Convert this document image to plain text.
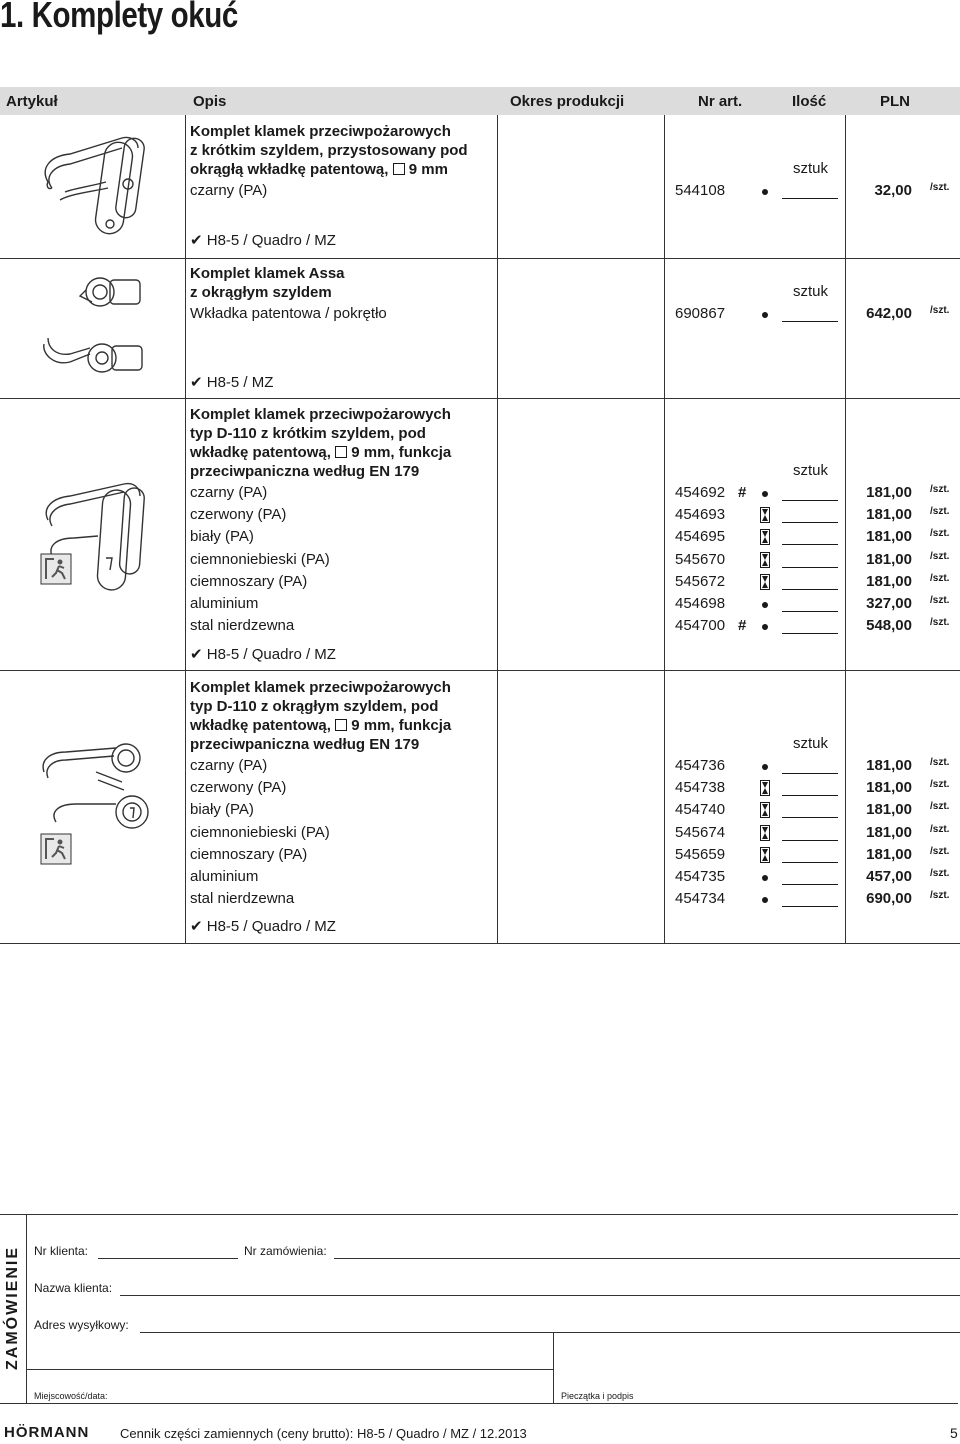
1. Komplety okuć
Artykuł	Opis	Okres produkcji	Nr art.	Ilość	PLN
Komplet klamek przeciwpożarowych
z krótkim szyldem, przystosowany pod
okrągłą wkładkę patentową, 9 mm	sztuk
czarny (PA)	544108	32,00 /szt.
✔ H8-5 / Quadro / MZ
Komplet klamek Assa
z okrągłym szyldem	sztuk
Wkładka patentowa / pokrętło	690867	642,00 /szt.
✔ H8-5 / MZ
Komplet klamek przeciwpożarowych
typ D-110 z krótkim szyldem, pod
wkładkę patentową, 9 mm, funkcja
przeciwpaniczna według EN 179	sztuk
czarny (PA)	454692 #	181,00 /szt.
czerwony (PA)	454693	181,00 /szt.
biały (PA)	454695	181,00 /szt.
ciemnoniebieski (PA)	545670	181,00 /szt.
ciemnoszary (PA)	545672	181,00 /szt.
aluminium	454698	327,00 /szt.
stal nierdzewna	454700 #	548,00 /szt.
✔ H8-5 / Quadro / MZ
Komplet klamek przeciwpożarowych
typ D-110 z okrągłym szyldem, pod
wkładkę patentową, 9 mm, funkcja
przeciwpaniczna według EN 179	sztuk
czarny (PA)	454736	181,00 /szt.
czerwony (PA)	454738	181,00 /szt.
biały (PA)	454740	181,00 /szt.
ciemnoniebieski (PA)	545674	181,00 /szt.
ciemnoszary (PA)	545659	181,00 /szt.
aluminium	454735	457,00 /szt.
stal nierdzewna	454734	690,00 /szt.
✔ H8-5 / Quadro / MZ
ZAMÓWIENIE Nr klienta:	Nr zamówienia:
Nazwa klienta:
Adres wysyłkowy:
Miejscowość/data:	Pieczątka i podpis
HÖRMANN Cennik części zamiennych (ceny brutto): H8-5 / Quadro / MZ / 12.2013	5
